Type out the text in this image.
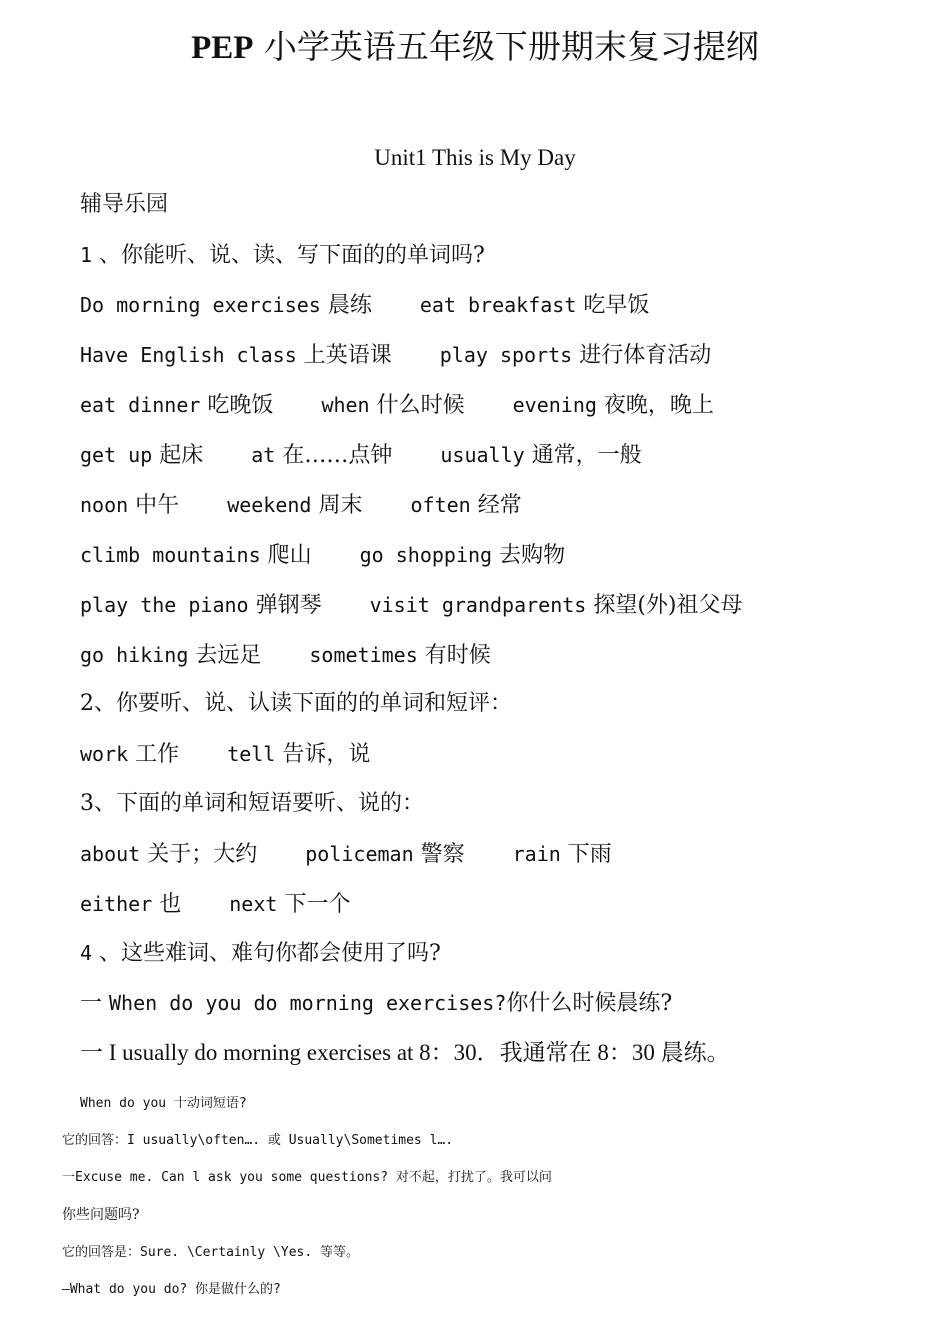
PEP 小学英语五年级下册期末复习提纲
Unit1 This is My Day
辅导乐园
1 、你能听、说、读、写下面的的单词吗?
Do morning exercises 晨练 eat breakfast 吃早饭
Have English class 上英语课 play sports 进行体育活动
eat dinner 吃晚饭 when 什么时候 evening 夜晚，晚上
get up 起床 at 在……点钟 usually 通常，一般
noon 中午 weekend 周末 often 经常
climb mountains 爬山 go shopping 去购物
play the piano 弹钢琴 visit grandparents 探望(外)祖父母
go hiking 去远足 sometimes 有时候
2、你要听、说、认读下面的的单词和短评：
work 工作 tell 告诉，说
3、下面的单词和短语要听、说的：
about 关于；大约 policeman 警察 rain 下雨
either 也 next 下一个
4 、这些难词、难句你都会使用了吗?
一 When do you do morning exercises?你什么时候晨练?
一 I usually do morning exercises at 8：30．我通常在 8：30 晨练。
When do you 十动词短语?
它的回答：I usually\often…. 或 Usually\Sometimes l….
一Excuse me. Can l ask you some questions? 对不起，打扰了。我可以问
你些问题吗?
它的回答是：Sure. \Certainly \Yes. 等等。
—What do you do? 你是做什么的?
